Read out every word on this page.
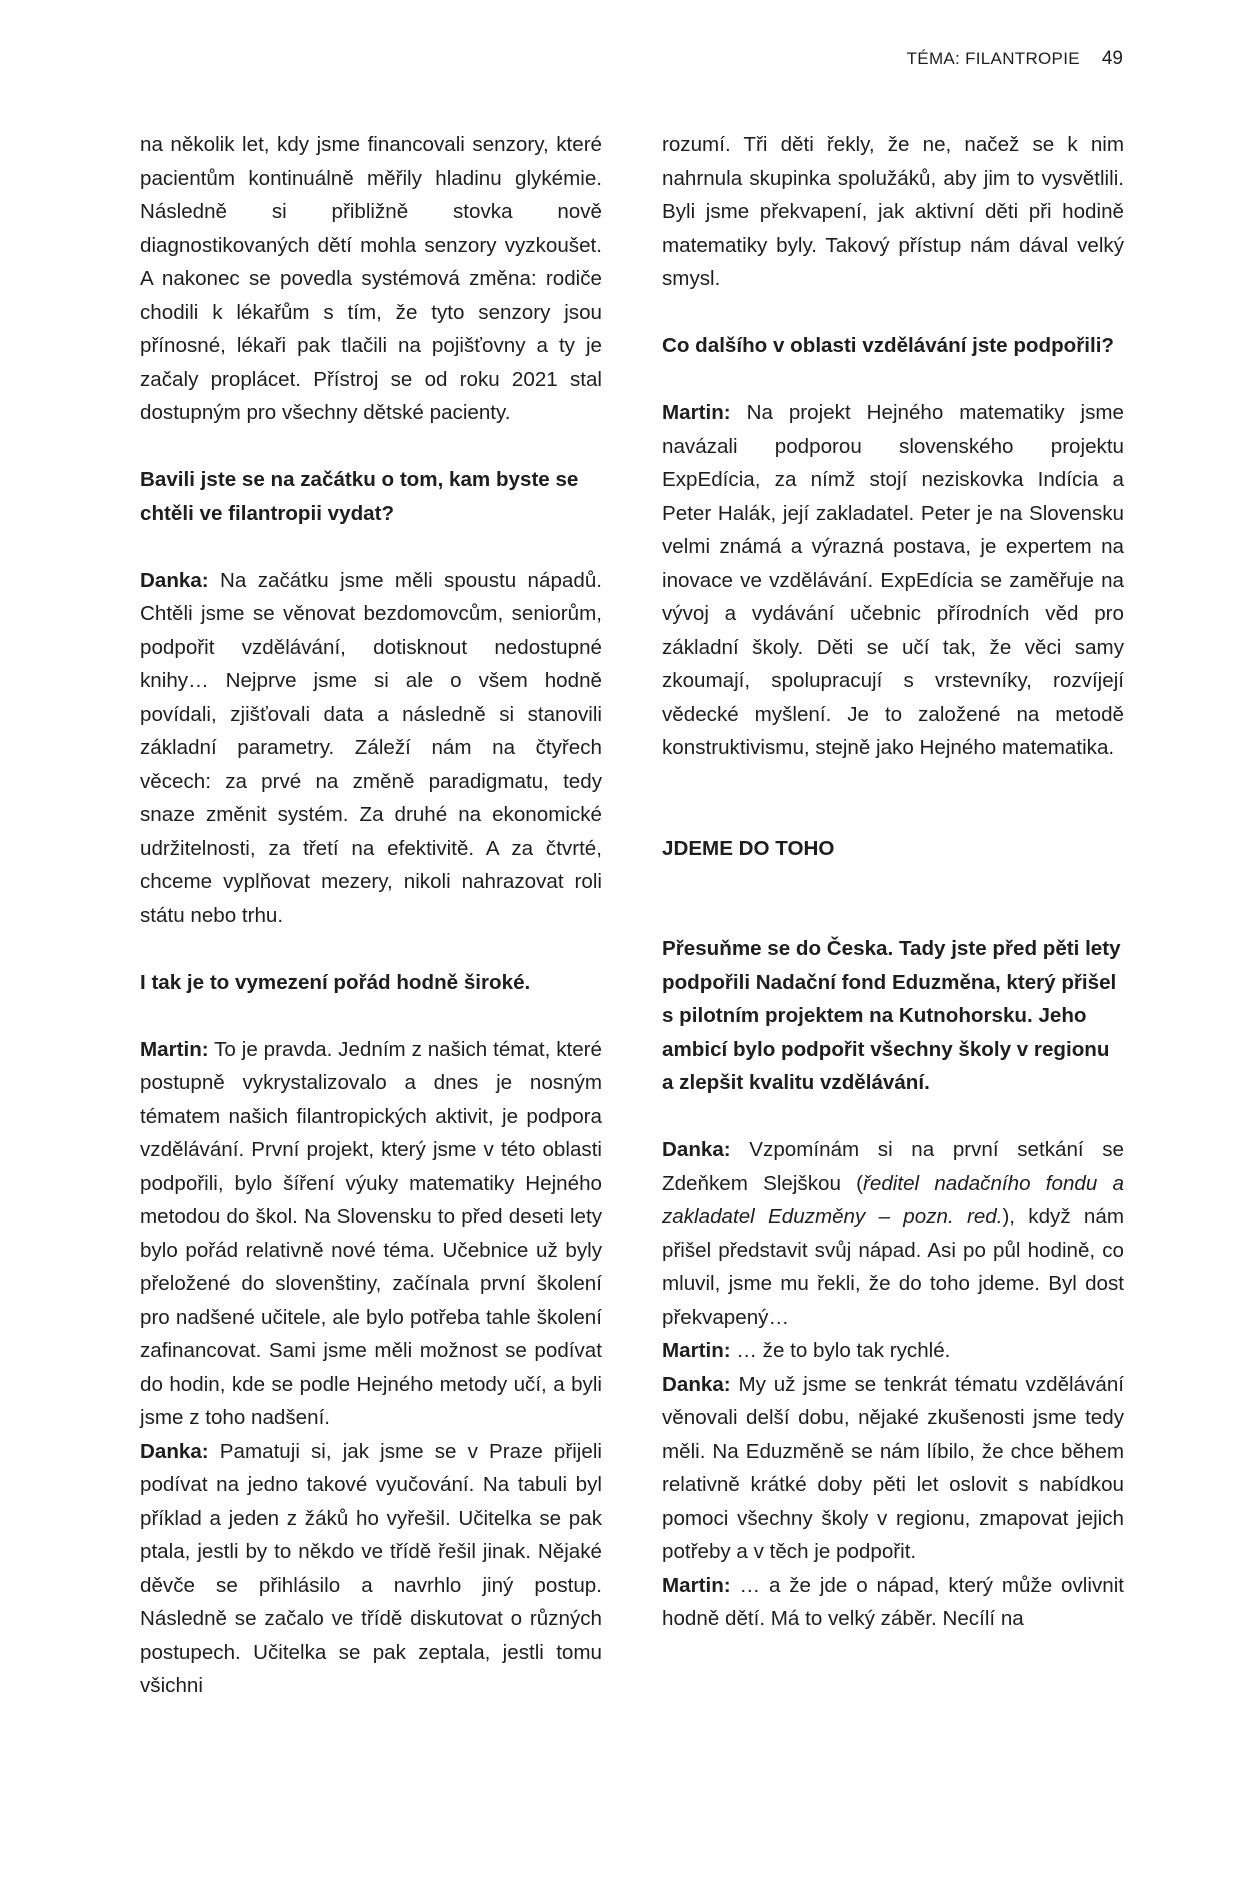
TÉMA: FILANTROPIE 49

na několik let, kdy jsme financovali senzory, které pacientům kontinuálně měřily hladinu glykémie. Následně si přibližně stovka nově diagnostikovaných dětí mohla senzory vyzkoušet. A nakonec se povedla systémová změna: rodiče chodili k lékařům s tím, že tyto senzory jsou přínosné, lékaři pak tlačili na pojišťovny a ty je začaly proplácet. Přístroj se od roku 2021 stal dostupným pro všechny dětské pacienty.

Bavili jste se na začátku o tom, kam byste se chtěli ve filantropii vydat?

Danka: Na začátku jsme měli spoustu nápadů. Chtěli jsme se věnovat bezdomovcům, seniorům, podpořit vzdělávání, dotisknout nedostupné knihy… Nejprve jsme si ale o všem hodně povídali, zjišťovali data a následně si stanovili základní parametry. Záleží nám na čtyřech věcech: za prvé na změně paradigmatu, tedy snaze změnit systém. Za druhé na ekonomické udržitelnosti, za třetí na efektivitě. A za čtvrté, chceme vyplňovat mezery, nikoli nahrazovat roli státu nebo trhu.

I tak je to vymezení pořád hodně široké.

Martin: To je pravda. Jedním z našich témat, které postupně vykrystalizovalo a dnes je nosným tématem našich filantropických aktivit, je podpora vzdělávání. První projekt, který jsme v této oblasti podpořili, bylo šíření výuky matematiky Hejného metodou do škol. Na Slovensku to před deseti lety bylo pořád relativně nové téma. Učebnice už byly přeložené do slovenštiny, začínala první školení pro nadšené učitele, ale bylo potřeba tahle školení zafinancovat. Sami jsme měli možnost se podívat do hodin, kde se podle Hejného metody učí, a byli jsme z toho nadšení.

Danka: Pamatuji si, jak jsme se v Praze přijeli podívat na jedno takové vyučování. Na tabuli byl příklad a jeden z žáků ho vyřešil. Učitelka se pak ptala, jestli by to někdo ve třídě řešil jinak. Nějaké děvče se přihlásilo a navrhlo jiný postup. Následně se začalo ve třídě diskutovat o různých postupech. Učitelka se pak zeptala, jestli tomu všichni

rozumí. Tři děti řekly, že ne, načež se k nim nahrnula skupinka spolužáků, aby jim to vysvětlili. Byli jsme překvapení, jak aktivní děti při hodině matematiky byly. Takový přístup nám dával velký smysl.

Co dalšího v oblasti vzdělávání jste podpořili?

Martin: Na projekt Hejného matematiky jsme navázali podporou slovenského projektu ExpEdícia, za nímž stojí neziskovka Indícia a Peter Halák, její zakladatel. Peter je na Slovensku velmi známá a výrazná postava, je expertem na inovace ve vzdělávání. ExpEdícia se zaměřuje na vývoj a vydávání učebnic přírodních věd pro základní školy. Děti se učí tak, že věci samy zkoumají, spolupracují s vrstevníky, rozvíjejí vědecké myšlení. Je to založené na metodě konstruktivismu, stejně jako Hejného matematika.

JDEME DO TOHO

Přesuňme se do Česka. Tady jste před pěti lety podpořili Nadační fond Eduzměna, který přišel s pilotním projektem na Kutnohorsku. Jeho ambicí bylo podpořit všechny školy v regionu a zlepšit kvalitu vzdělávání.

Danka: Vzpomínám si na první setkání se Zdeňkem Slejškou (ředitel nadačního fondu a zakladatel Eduzměny – pozn. red.), když nám přišel představit svůj nápad. Asi po půl hodině, co mluvil, jsme mu řekli, že do toho jdeme. Byl dost překvapený…

Martin: … že to bylo tak rychlé.

Danka: My už jsme se tenkrát tématu vzdělávání věnovali delší dobu, nějaké zkušenosti jsme tedy měli. Na Eduzměně se nám líbilo, že chce během relativně krátké doby pěti let oslovit s nabídkou pomoci všechny školy v regionu, zmapovat jejich potřeby a v těch je podpořit.

Martin: … a že jde o nápad, který může ovlivnit hodně dětí. Má to velký záběr. Necílí na
